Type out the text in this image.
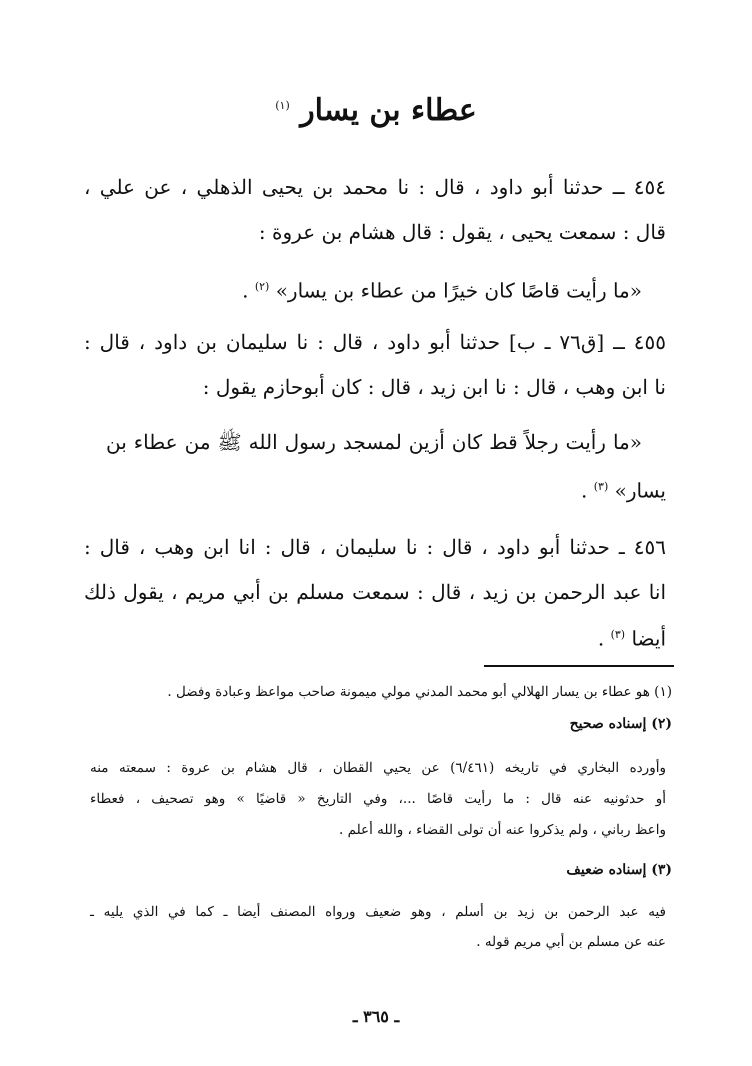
عطاء بن يسار $^{(١)}$
٤٥٤ ــ حدثنا أبو داود ، قال : نا محمد بن يحيى الذهلي ، عن علي ،
قال : سمعت يحيى ، يقول : قال هشام بن عروة :
«ما رأيت قاصًا كان خيرًا من عطاء بن يسار» $^{(٢)}$ .
٤٥٥ ــ [ق٧٦ ـ ب] حدثنا أبو داود ، قال : نا سليمان بن داود ، قال :
نا ابن وهب ، قال : نا ابن زيد ، قال : كان أبوحازم يقول :
«ما رأيت رجلاً قط كان أزين لمسجد رسول الله ﷺ من عطاء بن
يسار» $^{(٣)}$ .
٤٥٦ ـ حدثنا أبو داود ، قال : نا سليمان ، قال : انا ابن وهب ، قال :
انا عبد الرحمن بن زيد ، قال : سمعت مسلم بن أبي مريم ، يقول ذلك
أيضا $^{(٣)}$ .
(١) هو عطاء بن يسار الهلالي أبو محمد المدني مولي ميمونة صاحب مواعظ وعبادة وفضل .
(٢) إسناده صحيح
وأورده البخاري في تاريخه (٦/٤٦١) عن يحيي القطان ، قال هشام بن عروة : سمعته منه
أو حدثونيه عنه قال : ما رأيت قاصًا ...، وفي التاريخ « قاضيًا » وهو تصحيف ، فعطاء
واعظ رباني ، ولم يذكروا عنه أن تولى القضاء ، والله أعلم .
(٣) إسناده ضعيف
فيه عبد الرحمن بن زيد بن أسلم ، وهو ضعيف ورواه المصنف أيضا ـ كما في الذي يليه ـ
عنه عن مسلم بن أبي مريم قوله .
ـ ٣٦٥ ـ
